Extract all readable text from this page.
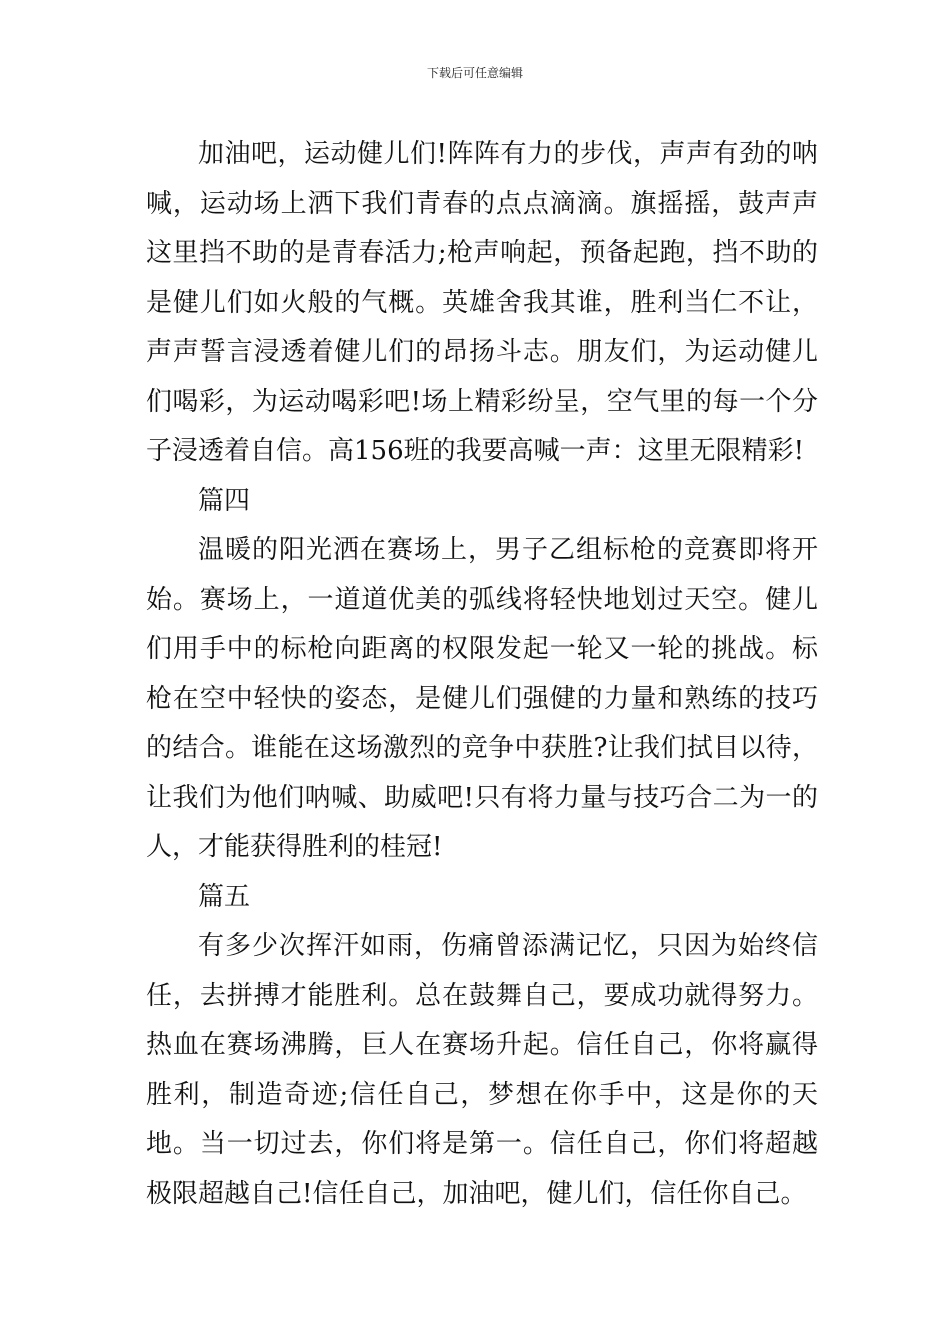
下载后可任意编辑

加油吧，运动健儿们!阵阵有力的步伐，声声有劲的呐喊，运动场上洒下我们青春的点点滴滴。旗摇摇，鼓声声这里挡不助的是青春活力;枪声响起，预备起跑，挡不助的是健儿们如火般的气概。英雄舍我其谁，胜利当仁不让，声声誓言浸透着健儿们的昂扬斗志。朋友们，为运动健儿们喝彩，为运动喝彩吧!场上精彩纷呈，空气里的每一个分子浸透着自信。高156班的我要高喊一声：这里无限精彩!

篇四

温暖的阳光洒在赛场上，男子乙组标枪的竞赛即将开始。赛场上，一道道优美的弧线将轻快地划过天空。健儿们用手中的标枪向距离的权限发起一轮又一轮的挑战。标枪在空中轻快的姿态，是健儿们强健的力量和熟练的技巧的结合。谁能在这场激烈的竞争中获胜?让我们拭目以待，让我们为他们呐喊、助威吧!只有将力量与技巧合二为一的人，才能获得胜利的桂冠!

篇五

有多少次挥汗如雨，伤痛曾添满记忆，只因为始终信任，去拼搏才能胜利。总在鼓舞自己，要成功就得努力。热血在赛场沸腾，巨人在赛场升起。信任自己，你将赢得胜利，制造奇迹;信任自己，梦想在你手中，这是你的天地。当一切过去，你们将是第一。信任自己，你们将超越极限超越自己!信任自己，加油吧，健儿们，信任你自己。
